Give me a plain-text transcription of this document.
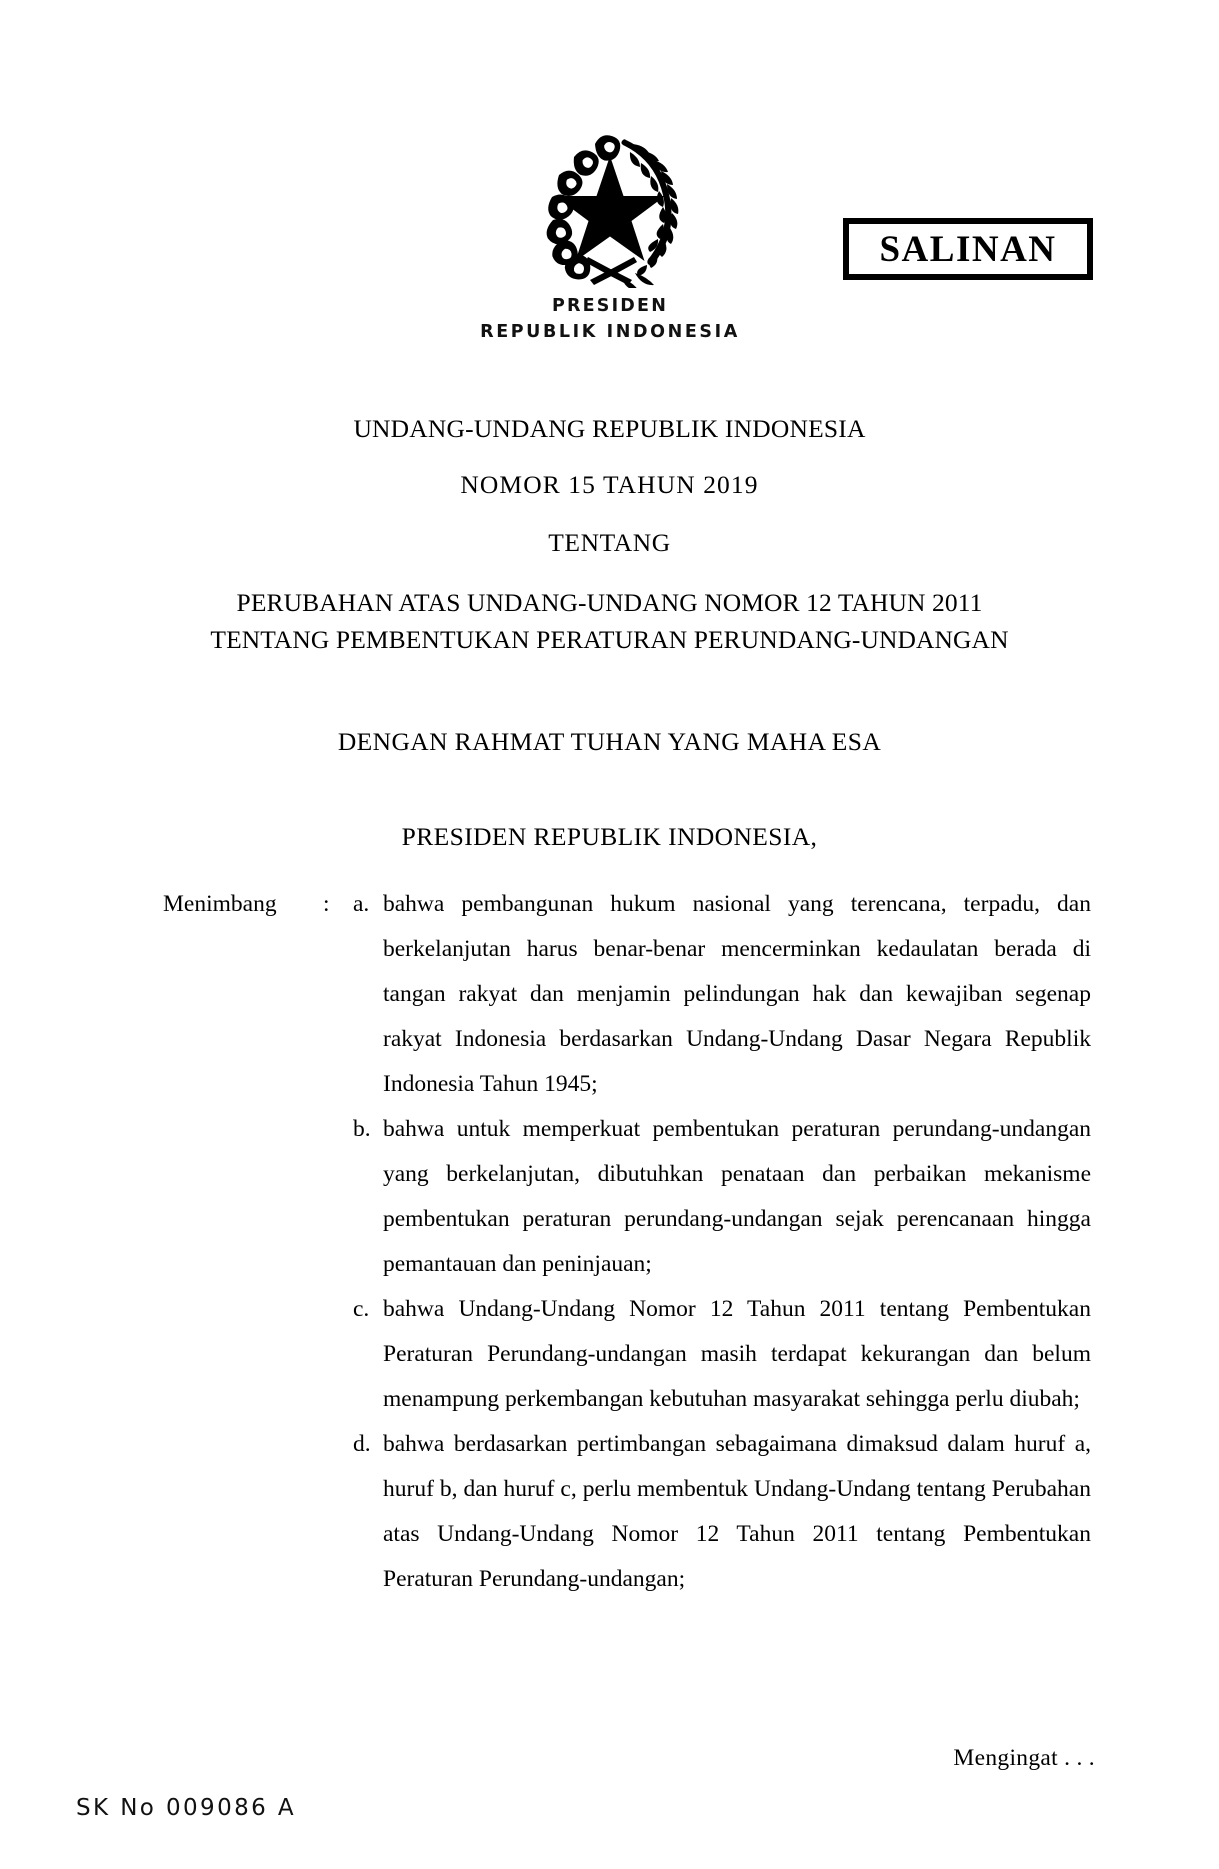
SALINAN
PRESIDEN
REPUBLIK INDONESIA
UNDANG-UNDANG REPUBLIK INDONESIA
NOMOR 15 TAHUN 2019
TENTANG
PERUBAHAN ATAS UNDANG-UNDANG NOMOR 12 TAHUN 2011
TENTANG PEMBENTUKAN PERATURAN PERUNDANG-UNDANGAN
DENGAN RAHMAT TUHAN YANG MAHA ESA
PRESIDEN REPUBLIK INDONESIA,
Menimbang	: a. bahwa pembangunan hukum nasional yang terencana, terpadu, dan berkelanjutan harus benar-benar mencerminkan kedaulatan berada di tangan rakyat dan menjamin pelindungan hak dan kewajiban segenap rakyat Indonesia berdasarkan Undang-Undang Dasar Negara Republik Indonesia Tahun 1945;
b. bahwa untuk memperkuat pembentukan peraturan perundang-undangan yang berkelanjutan, dibutuhkan penataan dan perbaikan mekanisme pembentukan peraturan perundang-undangan sejak perencanaan hingga pemantauan dan peninjauan;
c. bahwa Undang-Undang Nomor 12 Tahun 2011 tentang Pembentukan Peraturan Perundang-undangan masih terdapat kekurangan dan belum menampung perkembangan kebutuhan masyarakat sehingga perlu diubah;
d. bahwa berdasarkan pertimbangan sebagaimana dimaksud dalam huruf a, huruf b, dan huruf c, perlu membentuk Undang-Undang tentang Perubahan atas Undang-Undang Nomor 12 Tahun 2011 tentang Pembentukan Peraturan Perundang-undangan;
Mengingat . . .
SK No 009086 A
